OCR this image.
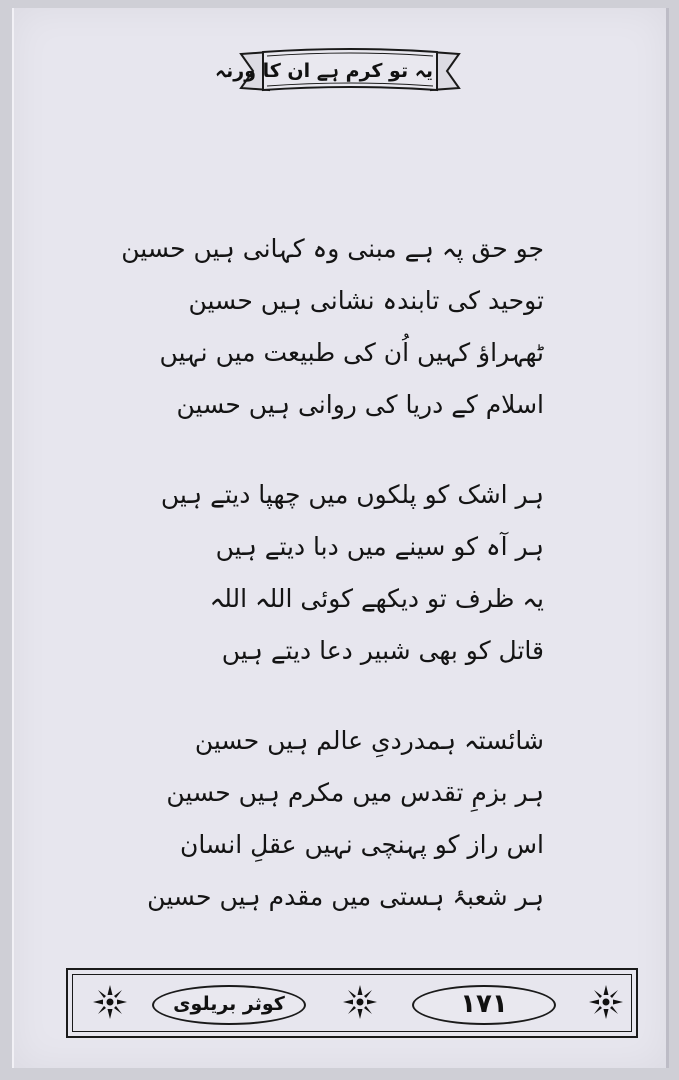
یہ تو کرم ہے ان کا ورنہ
جو حق پہ ہے مبنی وہ کہانی ہیں حسین
توحید کی تابندہ نشانی ہیں حسین
ٹھہراؤ کہیں اُن کی طبیعت میں نہیں
اسلام کے دریا کی روانی ہیں حسین
ہر اشک کو پلکوں میں چھپا دیتے ہیں
ہر آہ کو سینے میں دبا دیتے ہیں
یہ ظرف تو دیکھے کوئی اللہ اللہ
قاتل کو بھی شبیر دعا دیتے ہیں
شائستہ ہمدردیِ عالم ہیں حسین
ہر بزمِ تقدس میں مکرم ہیں حسین
اس راز کو پہنچی نہیں عقلِ انسان
ہر شعبۂ ہستی میں مقدم ہیں حسین
کوثر بریلوی	۱۷۱
